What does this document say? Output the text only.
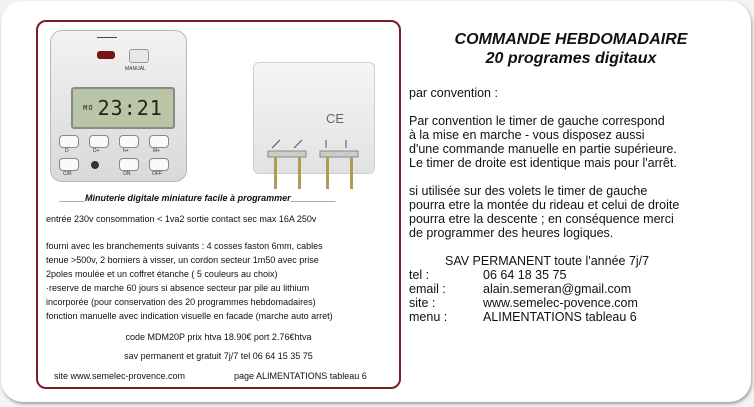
MANUAL
MO 23:21
D	D+	h+	M+
C/R	ON	OFF
CE
_____Minuterie digitale miniature facile à programmer_________
entrée 230v consommation < 1va2 sortie contact sec max 16A 250v
fourni avec les branchements suivants : 4 cosses faston 6mm, cables
tenue >500v, 2 borniers à visser, un cordon secteur 1m50 avec prise
2poles moulée et un coffret étanche ( 5 couleurs au choix)
·reserve de marche 60 jours si absence secteur par pile au lithium
incorporée (pour conservation des 20 programmes hebdomadaires)
fonction manuelle avec indication visuelle en facade (marche auto arret)
code MDM20P prix htva 18.90€ port 2.76€htva
sav permanent et gratuit 7j/7 tel 06 64 15 35 75
site www.semelec-provence.com	page ALIMENTATIONS tableau 6
COMMANDE HEBDOMADAIRE
20 programes digitaux
par convention :
Par convention le timer de gauche correspond
à la mise en marche - vous disposez aussi
d'une commande manuelle en partie supérieure.
Le timer de droite est identique mais pour l'arrêt.
si utilisée sur des volets le timer de gauche
pourra etre la montée du rideau et celui de droite
pourra etre la descente ; en conséquence merci
de programmer des heures logiques.
SAV PERMANENT toute l'année 7j/7
tel :	06 64 18 35 75
email :	alain.semeran@gmail.com
site :	www.semelec-povence.com
menu :	ALIMENTATIONS tableau 6
